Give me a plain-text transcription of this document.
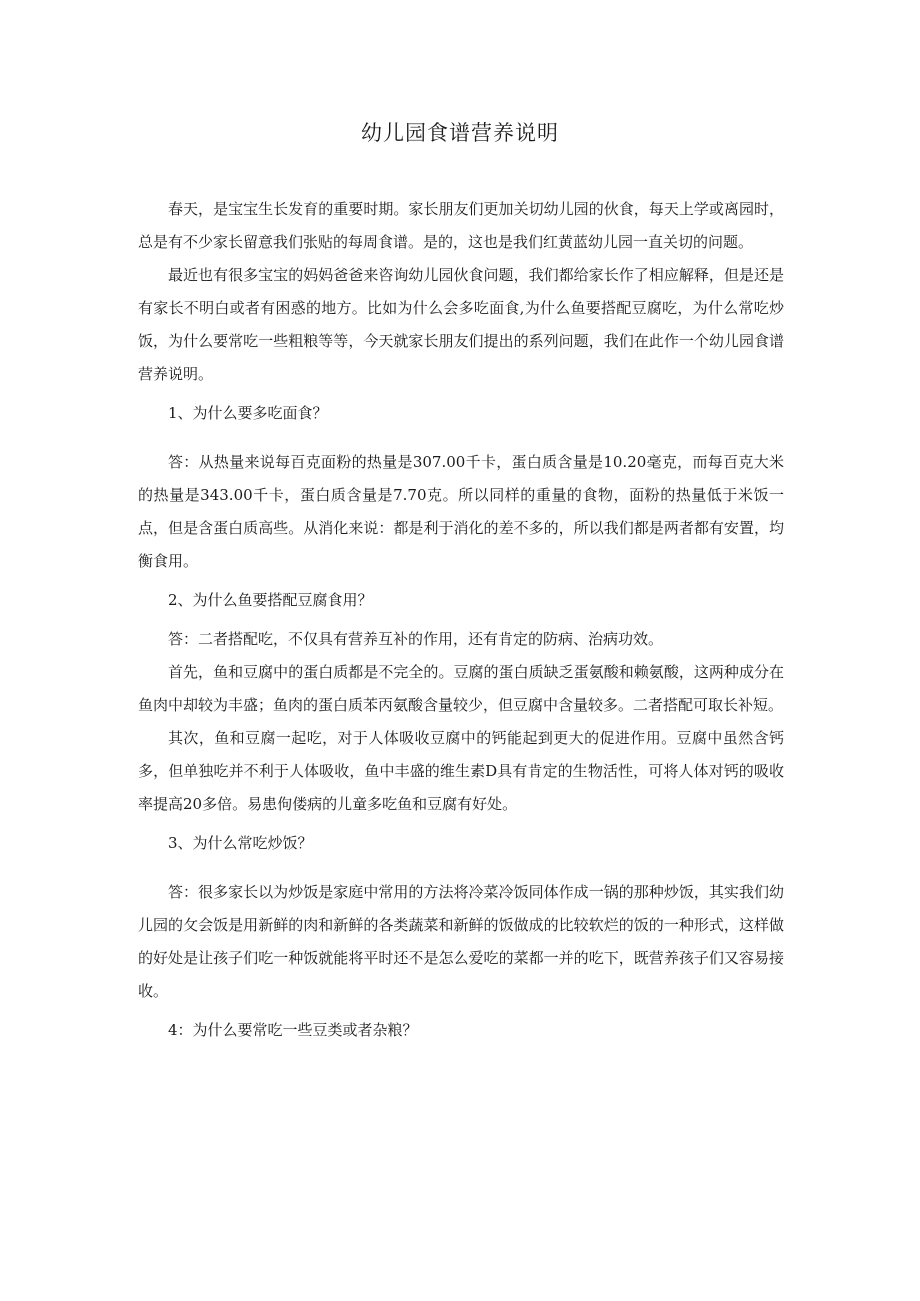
幼儿园食谱营养说明

春天，是宝宝生长发育的重要时期。家长朋友们更加关切幼儿园的伙食，每天上学或离园时，总是有不少家长留意我们张贴的每周食谱。是的，这也是我们红黄蓝幼儿园一直关切的问题。

最近也有很多宝宝的妈妈爸爸来咨询幼儿园伙食问题，我们都给家长作了相应解释，但是还是有家长不明白或者有困惑的地方。比如为什么会多吃面食,为什么鱼要搭配豆腐吃，为什么常吃炒饭，为什么要常吃一些粗粮等等，今天就家长朋友们提出的系列问题，我们在此作一个幼儿园食谱营养说明。

1、为什么要多吃面食？

答：从热量来说每百克面粉的热量是307.00千卡，蛋白质含量是10.20毫克，而每百克大米的热量是343.00千卡，蛋白质含量是7.70克。所以同样的重量的食物，面粉的热量低于米饭一点，但是含蛋白质高些。从消化来说：都是利于消化的差不多的，所以我们都是两者都有安置，均衡食用。

2、为什么鱼要搭配豆腐食用？

答：二者搭配吃，不仅具有营养互补的作用，还有肯定的防病、治病功效。

首先，鱼和豆腐中的蛋白质都是不完全的。豆腐的蛋白质缺乏蛋氨酸和赖氨酸，这两种成分在鱼肉中却较为丰盛；鱼肉的蛋白质苯丙氨酸含量较少，但豆腐中含量较多。二者搭配可取长补短。

其次，鱼和豆腐一起吃，对于人体吸收豆腐中的钙能起到更大的促进作用。豆腐中虽然含钙多，但单独吃并不利于人体吸收，鱼中丰盛的维生素D具有肯定的生物活性，可将人体对钙的吸收率提高20多倍。易患佝偻病的儿童多吃鱼和豆腐有好处。

3、为什么常吃炒饭？

答：很多家长以为炒饭是家庭中常用的方法将冷菜冷饭同体作成一锅的那种炒饭，其实我们幼儿园的攵会饭是用新鲜的肉和新鲜的各类蔬菜和新鲜的饭做成的比较软烂的饭的一种形式，这样做的好处是让孩子们吃一种饭就能将平时还不是怎么爱吃的菜都一并的吃下，既营养孩子们又容易接收。

4：为什么要常吃一些豆类或者杂粮？
